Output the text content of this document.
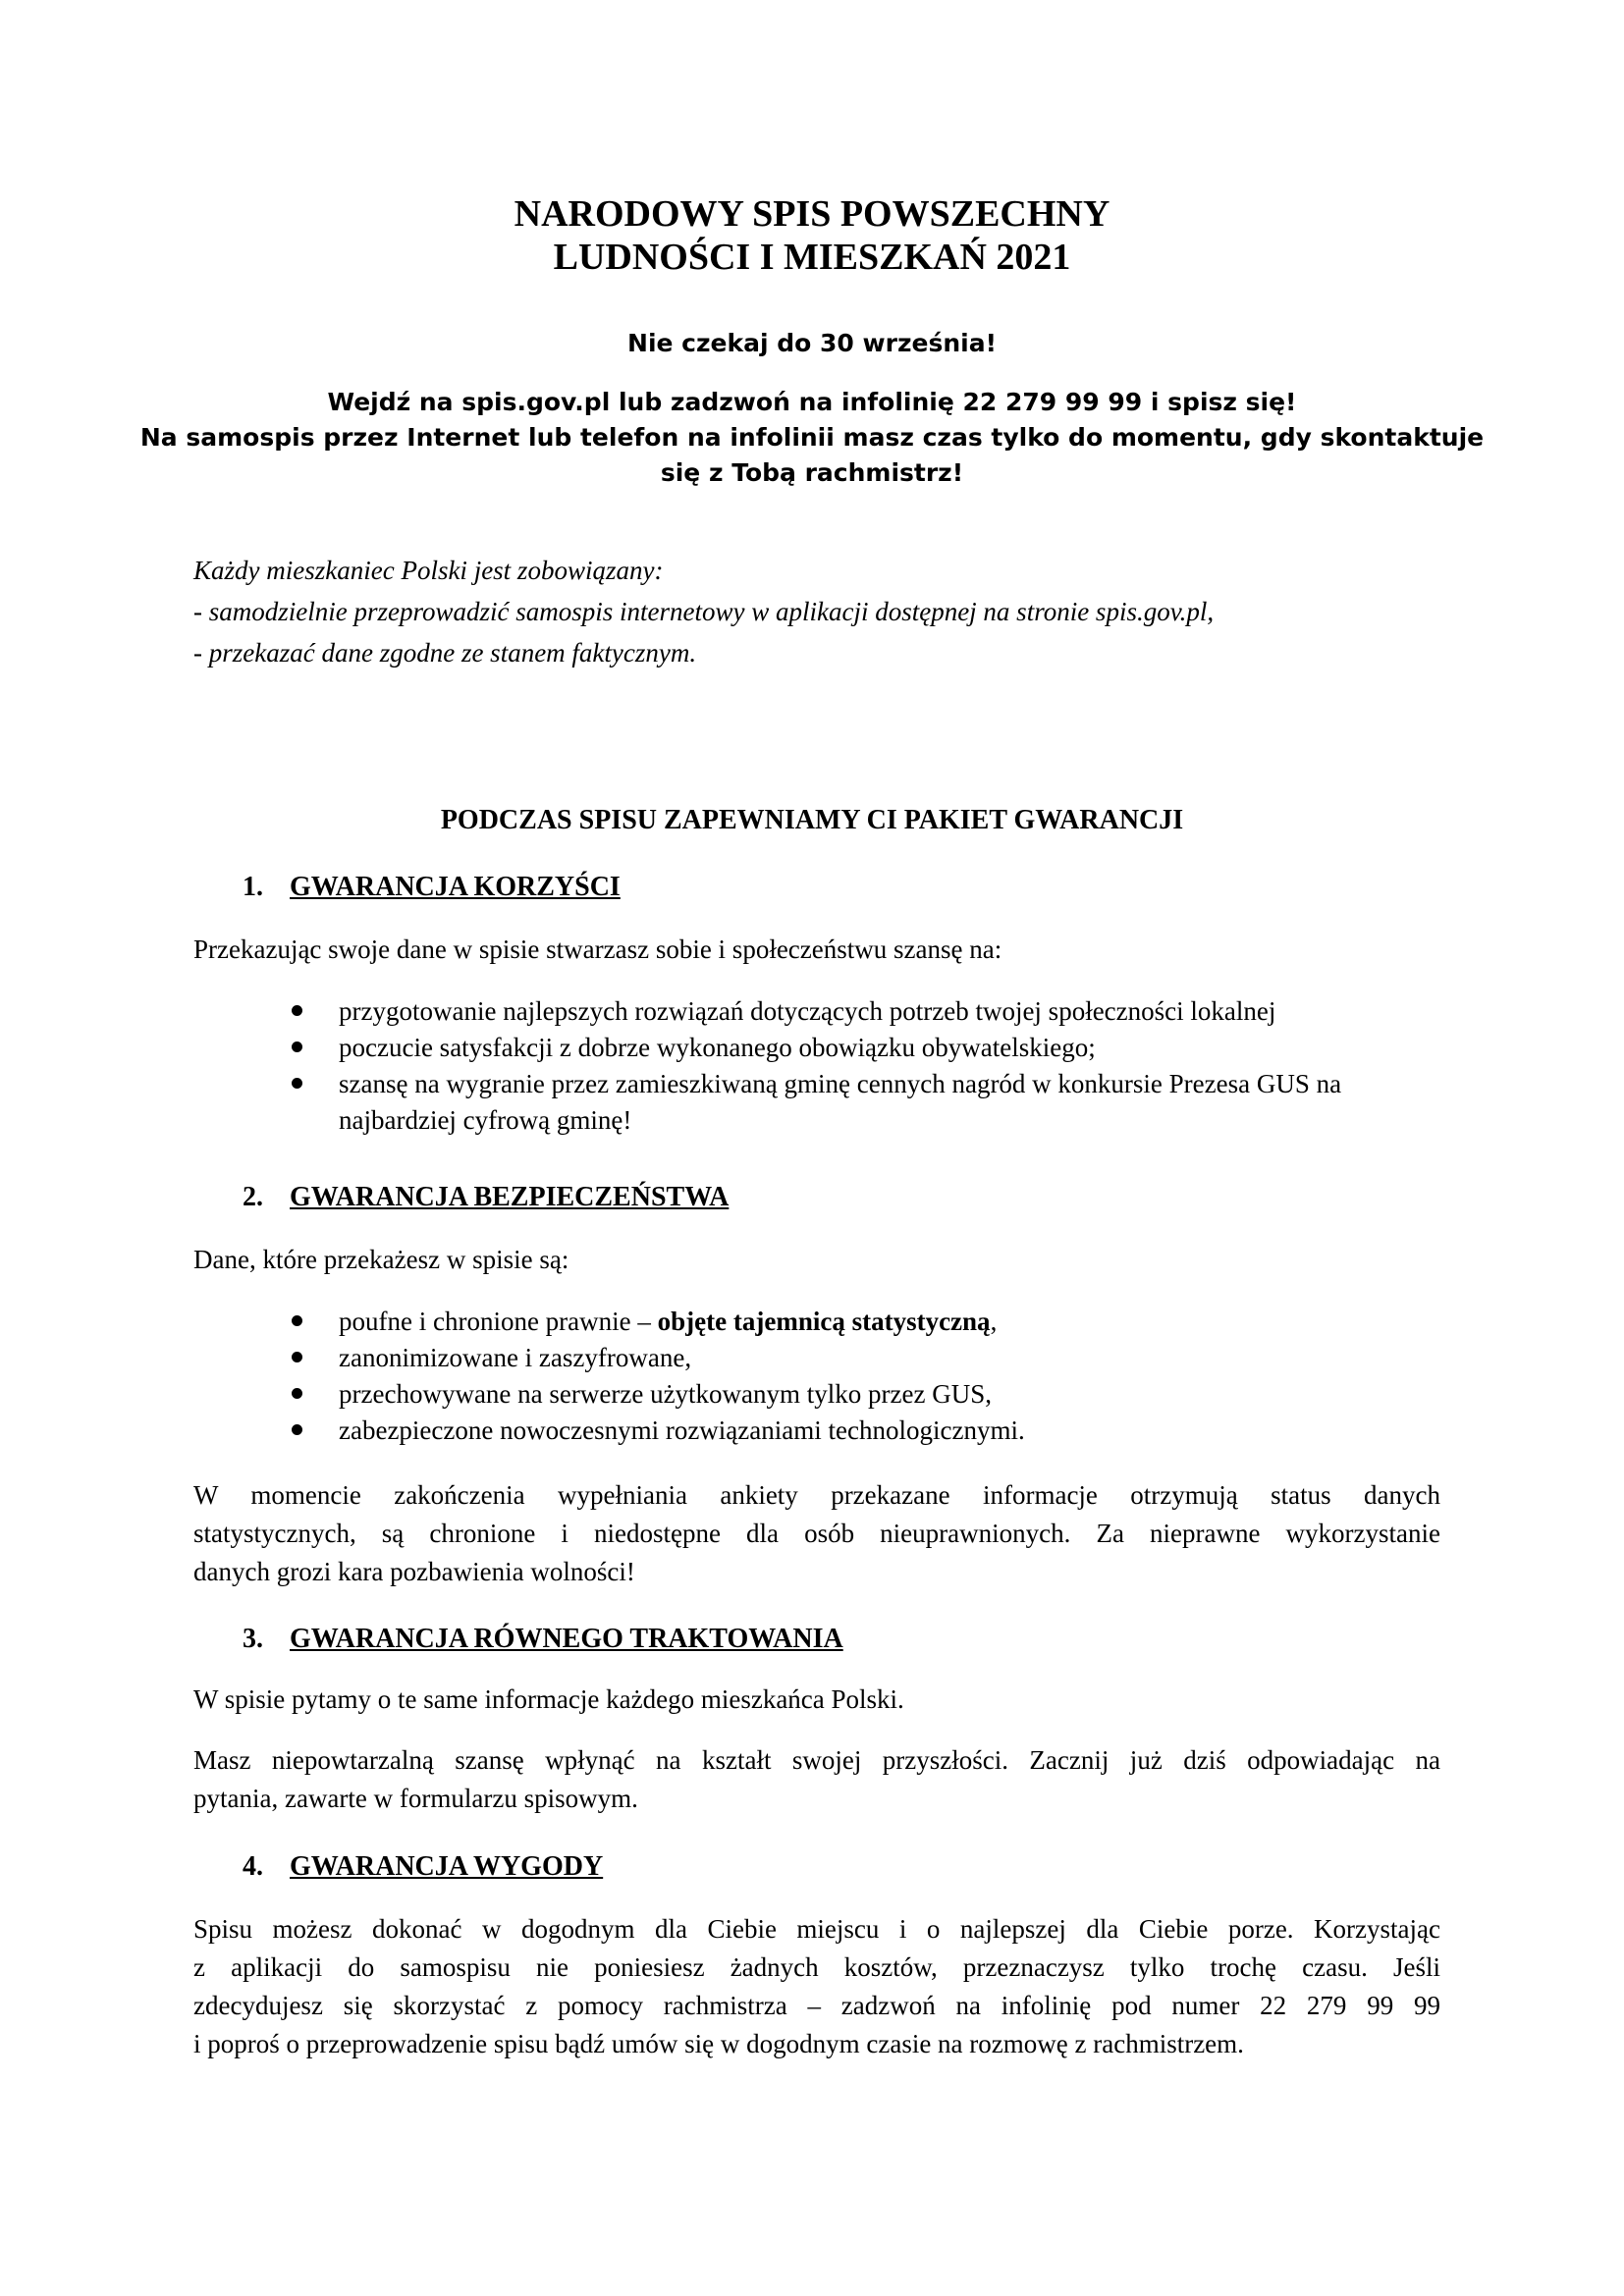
NARODOWY SPIS POWSZECHNY
LUDNOŚCI I MIESZKAŃ 2021
Nie czekaj do 30 września!
Wejdź na spis.gov.pl lub zadzwoń na infolinię 22 279 99 99 i spisz się!
Na samospis przez Internet lub telefon na infolinii masz czas tylko do momentu, gdy skontaktuje
się z Tobą rachmistrz!
Każdy mieszkaniec Polski jest zobowiązany:
- samodzielnie przeprowadzić samospis internetowy w aplikacji dostępnej na stronie spis.gov.pl,
- przekazać dane zgodne ze stanem faktycznym.
PODCZAS SPISU ZAPEWNIAMY CI PAKIET GWARANCJI
1. GWARANCJA KORZYŚCI
Przekazując swoje dane w spisie stwarzasz sobie i społeczeństwu szansę na:
przygotowanie najlepszych rozwiązań dotyczących potrzeb twojej społeczności lokalnej
poczucie satysfakcji z dobrze wykonanego obowiązku obywatelskiego;
szansę na wygranie przez zamieszkiwaną gminę cennych nagród w konkursie Prezesa GUS na najbardziej cyfrową gminę!
2. GWARANCJA BEZPIECZEŃSTWA
Dane, które przekażesz w spisie są:
poufne i chronione prawnie – objęte tajemnicą statystyczną,
zanonimizowane i zaszyfrowane,
przechowywane na serwerze użytkowanym tylko przez GUS,
zabezpieczone nowoczesnymi rozwiązaniami technologicznymi.
W momencie zakończenia wypełniania ankiety przekazane informacje otrzymują status danych
statystycznych, są chronione i niedostępne dla osób nieuprawnionych. Za nieprawne wykorzystanie
danych grozi kara pozbawienia wolności!
3. GWARANCJA RÓWNEGO TRAKTOWANIA
W spisie pytamy o te same informacje każdego mieszkańca Polski.
Masz niepowtarzalną szansę wpłynąć na kształt swojej przyszłości. Zacznij już dziś odpowiadając na
pytania, zawarte w formularzu spisowym.
4. GWARANCJA WYGODY
Spisu możesz dokonać w dogodnym dla Ciebie miejscu i o najlepszej dla Ciebie porze. Korzystając
z aplikacji do samospisu nie poniesiesz żadnych kosztów, przeznaczysz tylko trochę czasu. Jeśli
zdecydujesz się skorzystać z pomocy rachmistrza – zadzwoń na infolinię pod numer 22 279 99 99
i poproś o przeprowadzenie spisu bądź umów się w dogodnym czasie na rozmowę z rachmistrzem.
